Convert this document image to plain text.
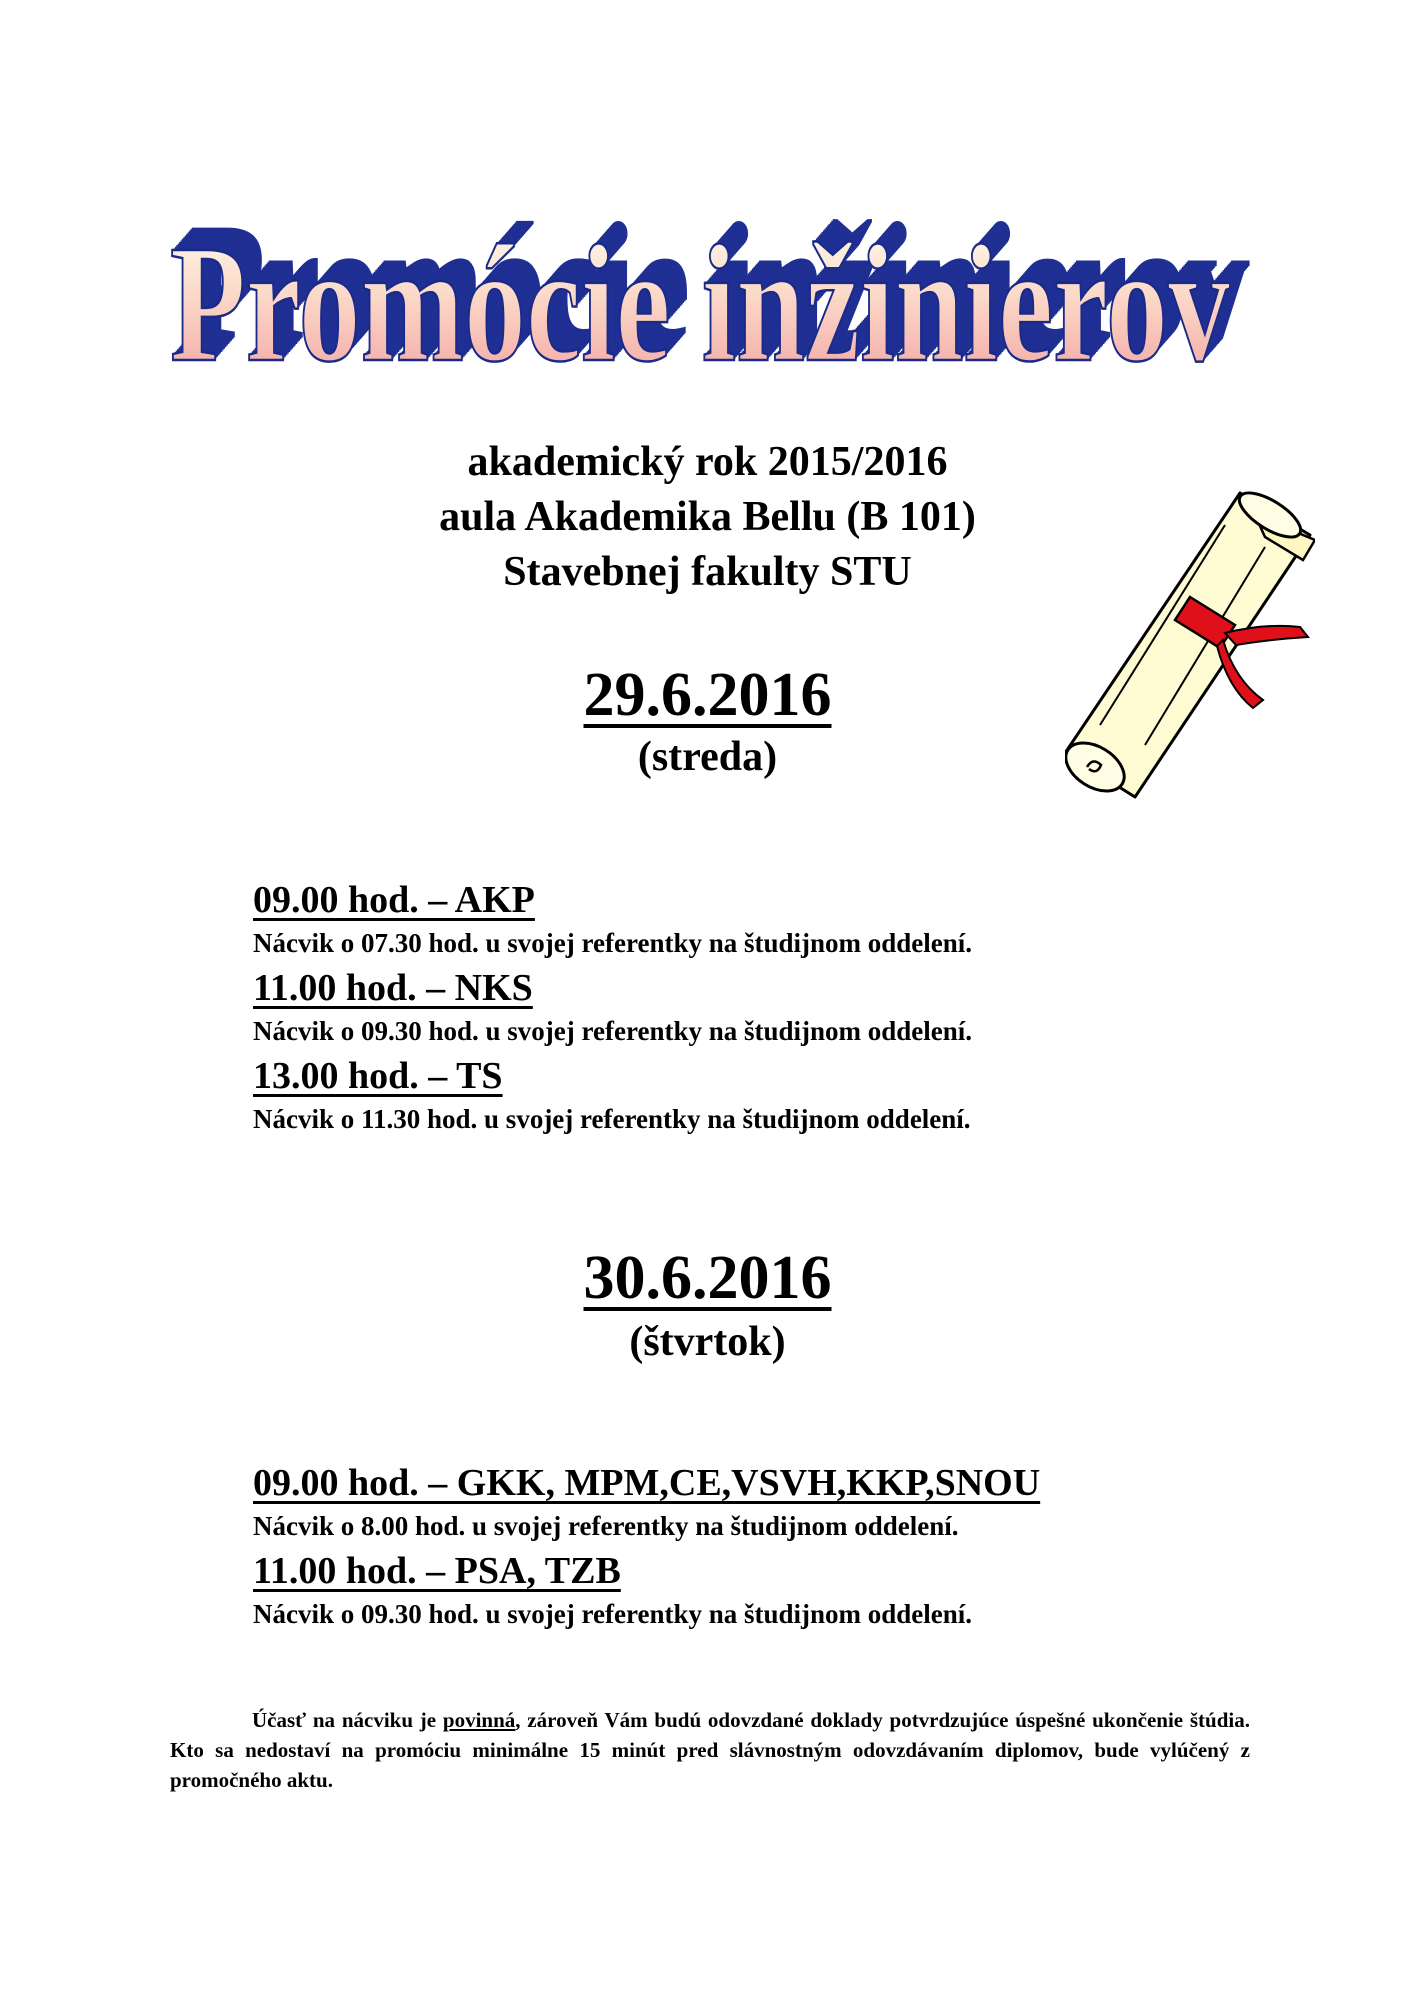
Promócie inžinierov
Promócie inžinierov
Promócie inžinierov
Promócie inžinierov
Promócie inžinierov
Promócie inžinierov
Promócie inžinierov
Promócie inžinierov
Promócie inžinierov
Promócie inžinierov
Promócie inžinierov
Promócie inžinierov
Promócie inžinierov
Promócie inžinierov
Promócie inžinierov
akademický rok 2015/2016
aula Akademika Bellu (B 101)
Stavebnej fakulty STU
29.6.2016
(streda)
09.00 hod. – AKP
Nácvik o 07.30 hod. u svojej referentky na študijnom oddelení.
11.00 hod. – NKS
Nácvik o 09.30 hod. u svojej referentky na študijnom oddelení.
13.00 hod. – TS
Nácvik o 11.30 hod. u svojej referentky na študijnom oddelení.
30.6.2016
(štvrtok)
09.00 hod. – GKK, MPM,CE,VSVH,KKP,SNOU
Nácvik o 8.00 hod. u svojej referentky na študijnom oddelení.
11.00 hod. – PSA, TZB
Nácvik o 09.30 hod. u svojej referentky na študijnom oddelení.
Účasť na nácviku je povinná, zároveň Vám budú odovzdané doklady potvrdzujúce úspešné ukončenie štúdia. Kto sa nedostaví na promóciu minimálne 15 minút pred slávnostným odovzdávaním diplomov, bude vylúčený z promočného aktu.
